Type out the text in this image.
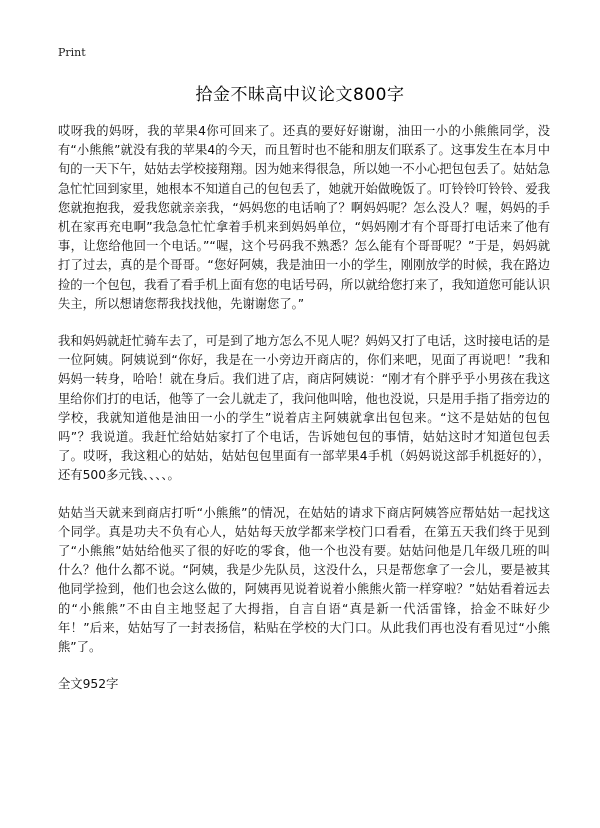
Print
拾金不昧高中议论文800字

哎呀我的妈呀，我的苹果4你可回来了。还真的要好好谢谢，油田一小的小熊熊同学，没有“小熊熊”就没有我的苹果4的今天，而且暂时也不能和朋友们联系了。这事发生在本月中旬的一天下午，姑姑去学校接翔翔。因为她来得很急，所以她一不小心把包包丢了。姑姑急急忙忙回到家里，她根本不知道自己的包包丢了，她就开始做晚饭了。叮铃铃叮铃铃、爱我您就抱抱我，爱我您就亲亲我，“妈妈您的电话响了？啊妈妈呢？怎么没人？喔，妈妈的手机在家再充电啊”我急急忙忙拿着手机来到妈妈单位，“妈妈刚才有个哥哥打电话来了他有事，让您给他回一个电话。”“喔，这个号码我不熟悉？怎么能有个哥哥呢？”于是，妈妈就打了过去，真的是个哥哥。“您好阿姨，我是油田一小的学生，刚刚放学的时候，我在路边捡的一个包包，我看了看手机上面有您的电话号码，所以就给您打来了，我知道您可能认识失主，所以想请您帮我找找他，先谢谢您了。”

我和妈妈就赶忙骑车去了，可是到了地方怎么不见人呢？妈妈又打了电话，这时接电话的是一位阿姨。阿姨说到“你好，我是在一小旁边开商店的，你们来吧，见面了再说吧！”我和妈妈一转身，哈哈！就在身后。我们进了店，商店阿姨说：“刚才有个胖乎乎小男孩在我这里给你们打的电话，他等了一会儿就走了，我问他叫啥，他也没说，只是用手指了指旁边的学校，我就知道他是油田一小的学生”说着店主阿姨就拿出包包来。“这不是姑姑的包包吗”？我说道。我赶忙给姑姑家打了个电话，告诉她包包的事情，姑姑这时才知道包包丢了。哎呀，我这粗心的姑姑，姑姑包包里面有一部苹果4手机（妈妈说这部手机挺好的），还有500多元钱、、、、。

姑姑当天就来到商店打听“小熊熊”的情况，在姑姑的请求下商店阿姨答应帮姑姑一起找这个同学。真是功夫不负有心人，姑姑每天放学都来学校门口看看，在第五天我们终于见到了“小熊熊”姑姑给他买了很的好吃的零食，他一个也没有要。姑姑问他是几年级几班的叫什么？他什么都不说。“阿姨，我是少先队员，这没什么，只是帮您拿了一会儿，要是被其他同学捡到，他们也会这么做的，阿姨再见说着说着小熊熊火箭一样穿啦？”姑姑看着远去的“小熊熊”不由自主地竖起了大拇指，自言自语“真是新一代活雷锋，拾金不昧好少年！”后来，姑姑写了一封表扬信，粘贴在学校的大门口。从此我们再也没有看见过“小熊熊”了。

全文952字
